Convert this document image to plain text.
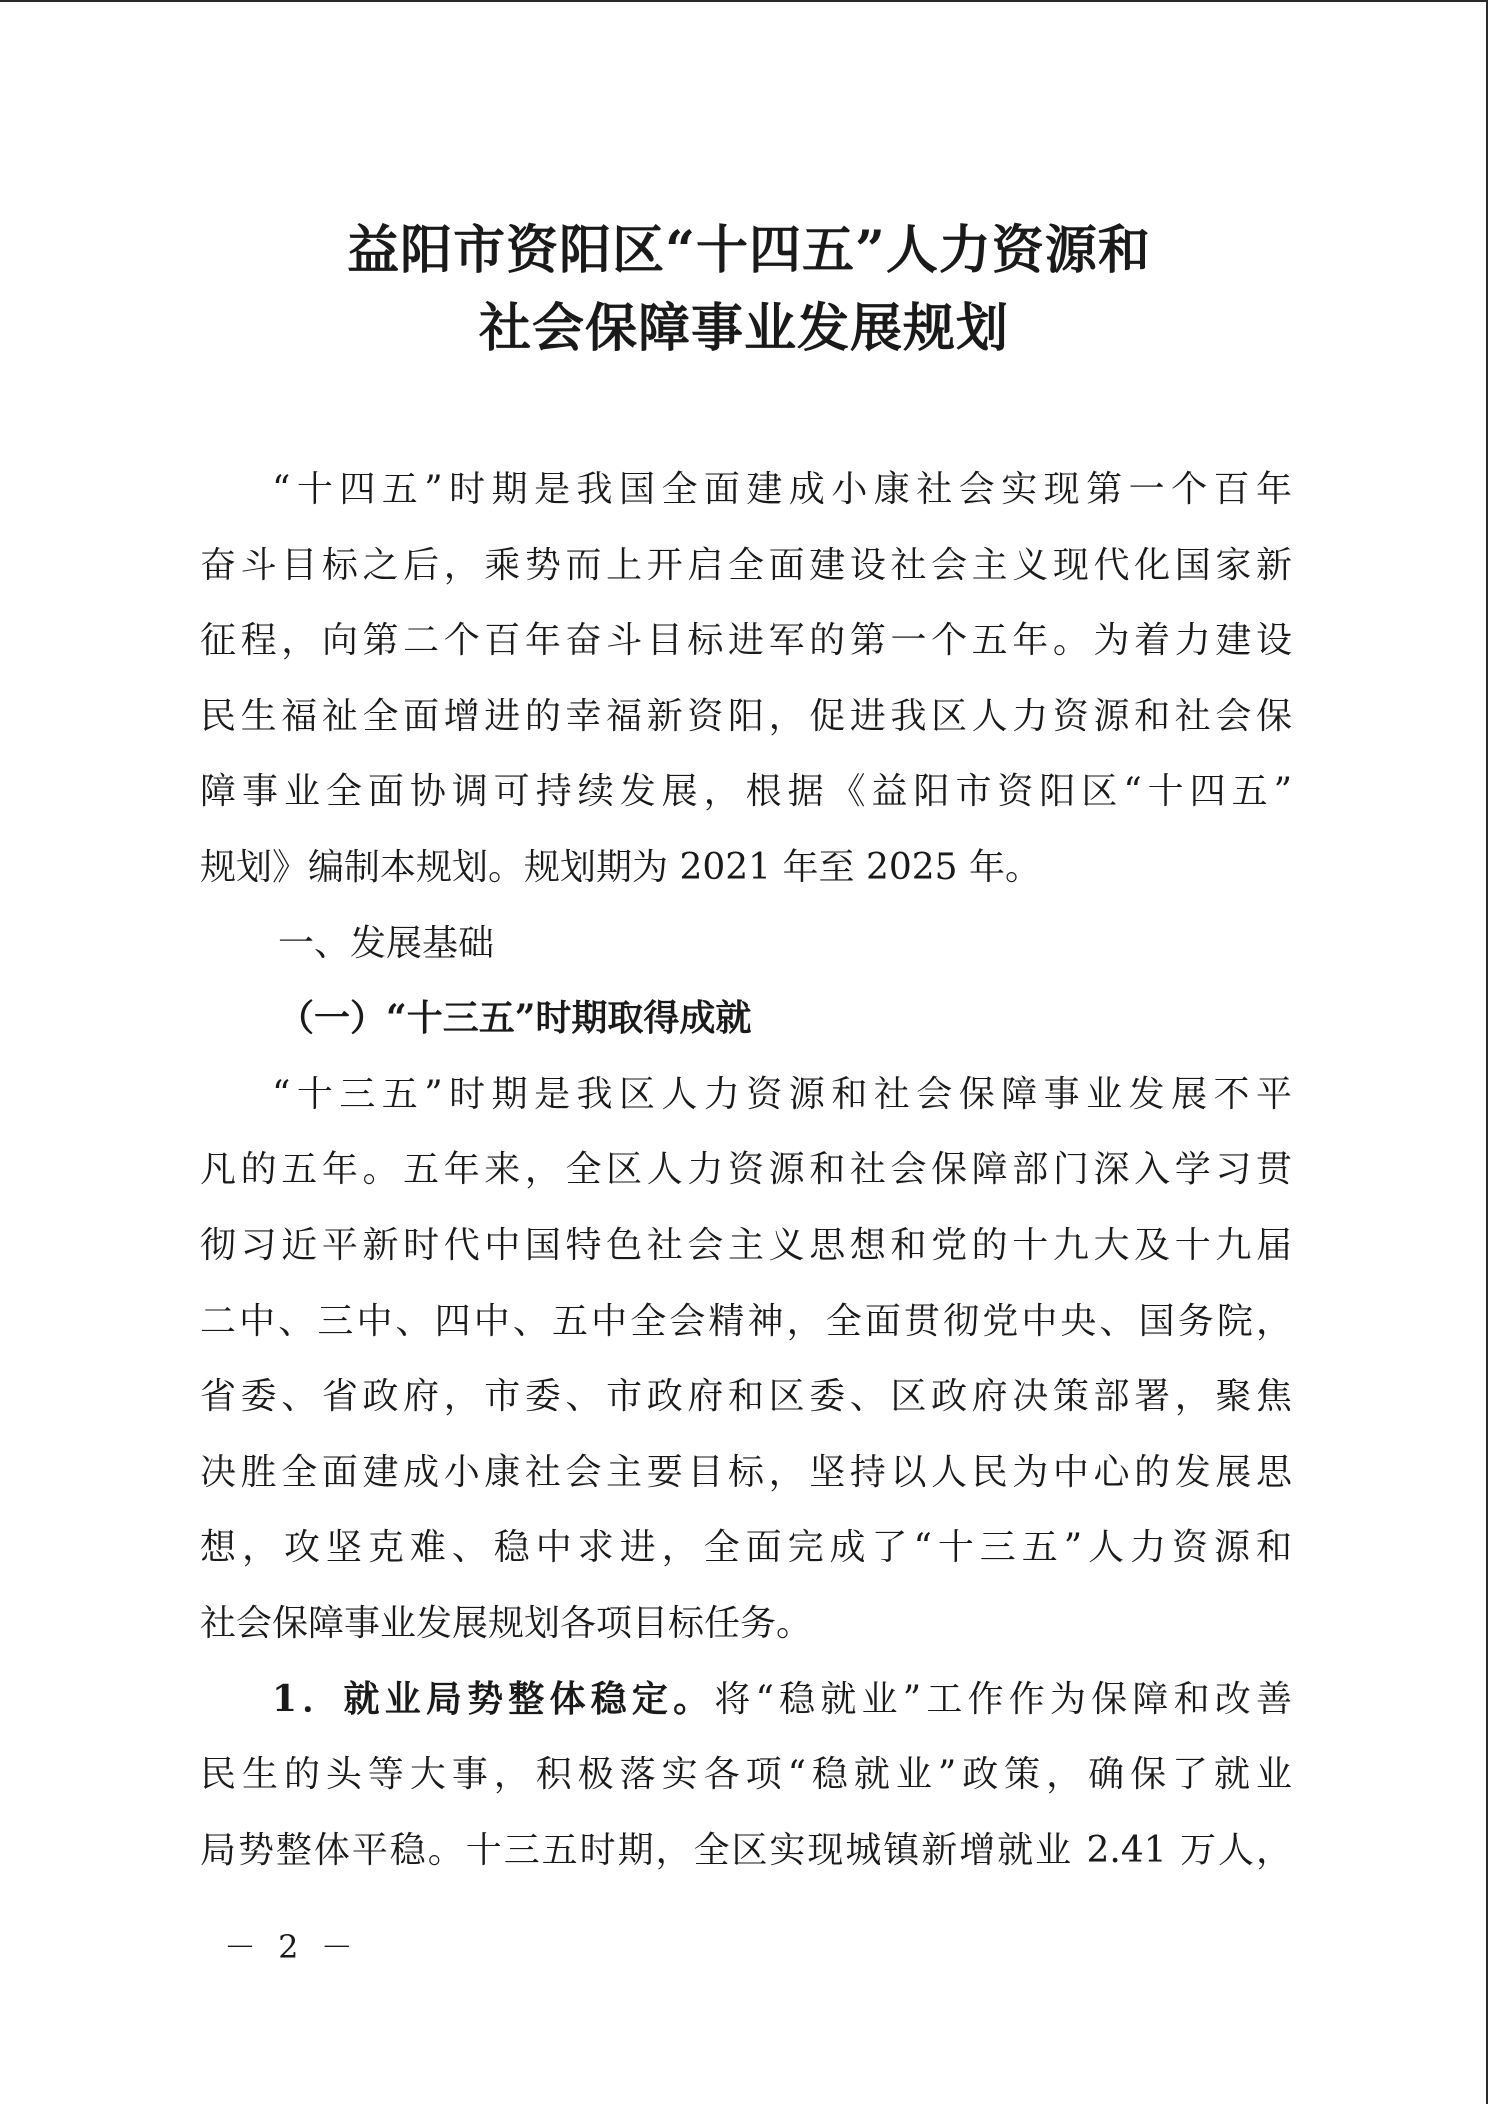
益阳市资阳区“十四五”人力资源和
社会保障事业发展规划
“十四五”时期是我国全面建成小康社会实现第一个百年
奋斗目标之后，乘势而上开启全面建设社会主义现代化国家新
征程，向第二个百年奋斗目标进军的第一个五年。为着力建设
民生福祉全面增进的幸福新资阳，促进我区人力资源和社会保
障事业全面协调可持续发展，根据《益阳市资阳区“十四五”
规划》编制本规划。规划期为 2021 年至 2025 年。
一、发展基础
（一）“十三五”时期取得成就
“十三五”时期是我区人力资源和社会保障事业发展不平
凡的五年。五年来，全区人力资源和社会保障部门深入学习贯
彻习近平新时代中国特色社会主义思想和党的十九大及十九届
二中、三中、四中、五中全会精神，全面贯彻党中央、国务院，
省委、省政府，市委、市政府和区委、区政府决策部署，聚焦
决胜全面建成小康社会主要目标，坚持以人民为中心的发展思
想，攻坚克难、稳中求进，全面完成了“十三五”人力资源和
社会保障事业发展规划各项目标任务。
1．就业局势整体稳定。将“稳就业”工作作为保障和改善
民生的头等大事，积极落实各项“稳就业”政策，确保了就业
局势整体平稳。十三五时期，全区实现城镇新增就业 2.41 万人，
－ 2 －
